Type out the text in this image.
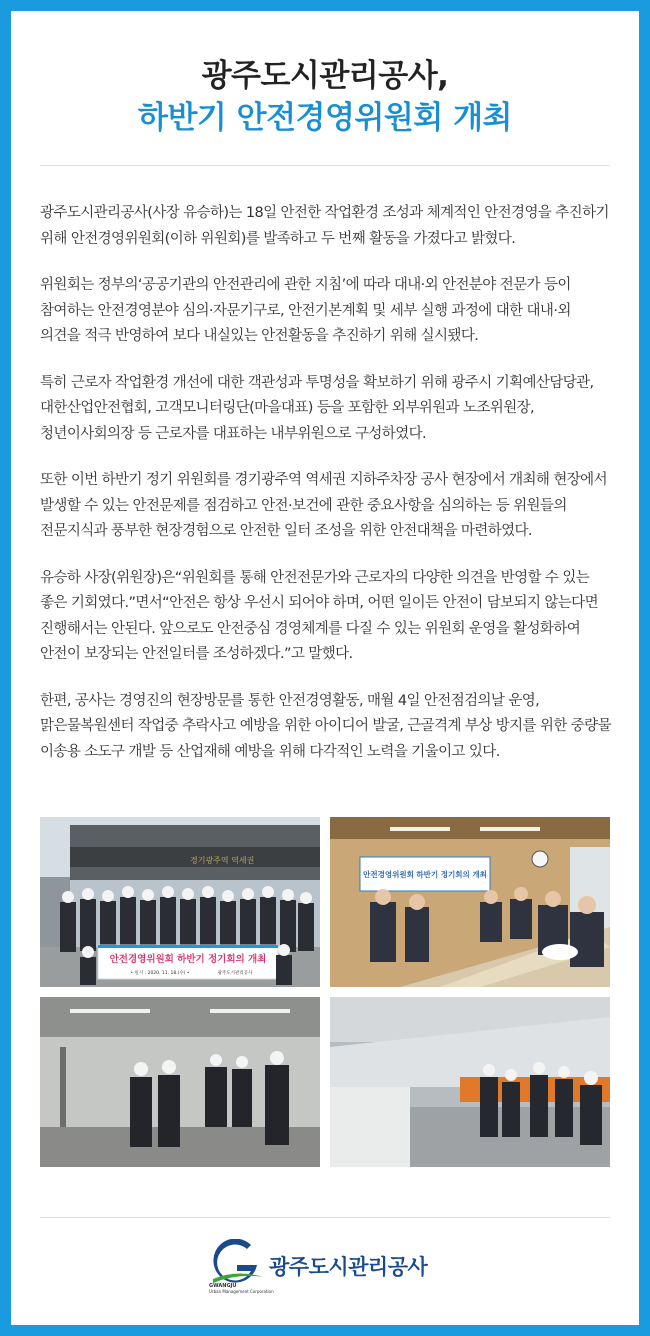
광주도시관리공사,
하반기 안전경영위원회 개최

광주도시관리공사(사장 유승하)는 18일 안전한 작업환경 조성과 체계적인 안전경영을 추진하기 위해 안전경영위원회(이하 위원회)를 발족하고 두 번째 활동을 가졌다고 밝혔다.

위원회는 정부의‘공공기관의 안전관리에 관한 지침’에 따라 대내·외 안전분야 전문가 등이 참여하는 안전경영분야 심의·자문기구로, 안전기본계획 및 세부 실행 과정에 대한 대내·외 의견을 적극 반영하여 보다 내실있는 안전활동을 추진하기 위해 실시됐다.

특히 근로자 작업환경 개선에 대한 객관성과 투명성을 확보하기 위해 광주시 기획예산담당관, 대한산업안전협회, 고객모니터링단(마을대표) 등을 포함한 외부위원과 노조위원장, 청년이사회의장 등 근로자를 대표하는 내부위원으로 구성하였다.

또한 이번 하반기 정기 위원회를 경기광주역 역세권 지하주차장 공사 현장에서 개최해 현장에서 발생할 수 있는 안전문제를 점검하고 안전·보건에 관한 중요사항을 심의하는 등 위원들의 전문지식과 풍부한 현장경험으로 안전한 일터 조성을 위한 안전대책을 마련하였다.

유승하 사장(위원장)은“위원회를 통해 안전전문가와 근로자의 다양한 의견을 반영할 수 있는 좋은 기회였다.”면서“안전은 항상 우선시 되어야 하며, 어떤 일이든 안전이 담보되지 않는다면 진행해서는 안된다. 앞으로도 안전중심 경영체계를 다질 수 있는 위원회 운영을 활성화하여 안전이 보장되는 안전일터를 조성하겠다.”고 말했다.

한편, 공사는 경영진의 현장방문를 통한 안전경영활동, 매월 4일 안전점검의날 운영, 맑은물복원센터 작업중 추락사고 예방을 위한 아이디어 발굴, 근골격계 부상 방지를 위한 중량물 이송용 소도구 개발 등 산업재해 예방을 위해 다각적인 노력을 기울이고 있다.

경기광주역 역세권
안전경영위원회 하반기 정기회의 개최
• 일시 : 2020. 11. 18.(수) •	광주도시관리공사
안전경영위원회 하반기 정기회의 개최
광주도시관리공사
GWANGJU
Urban Management Corporation
